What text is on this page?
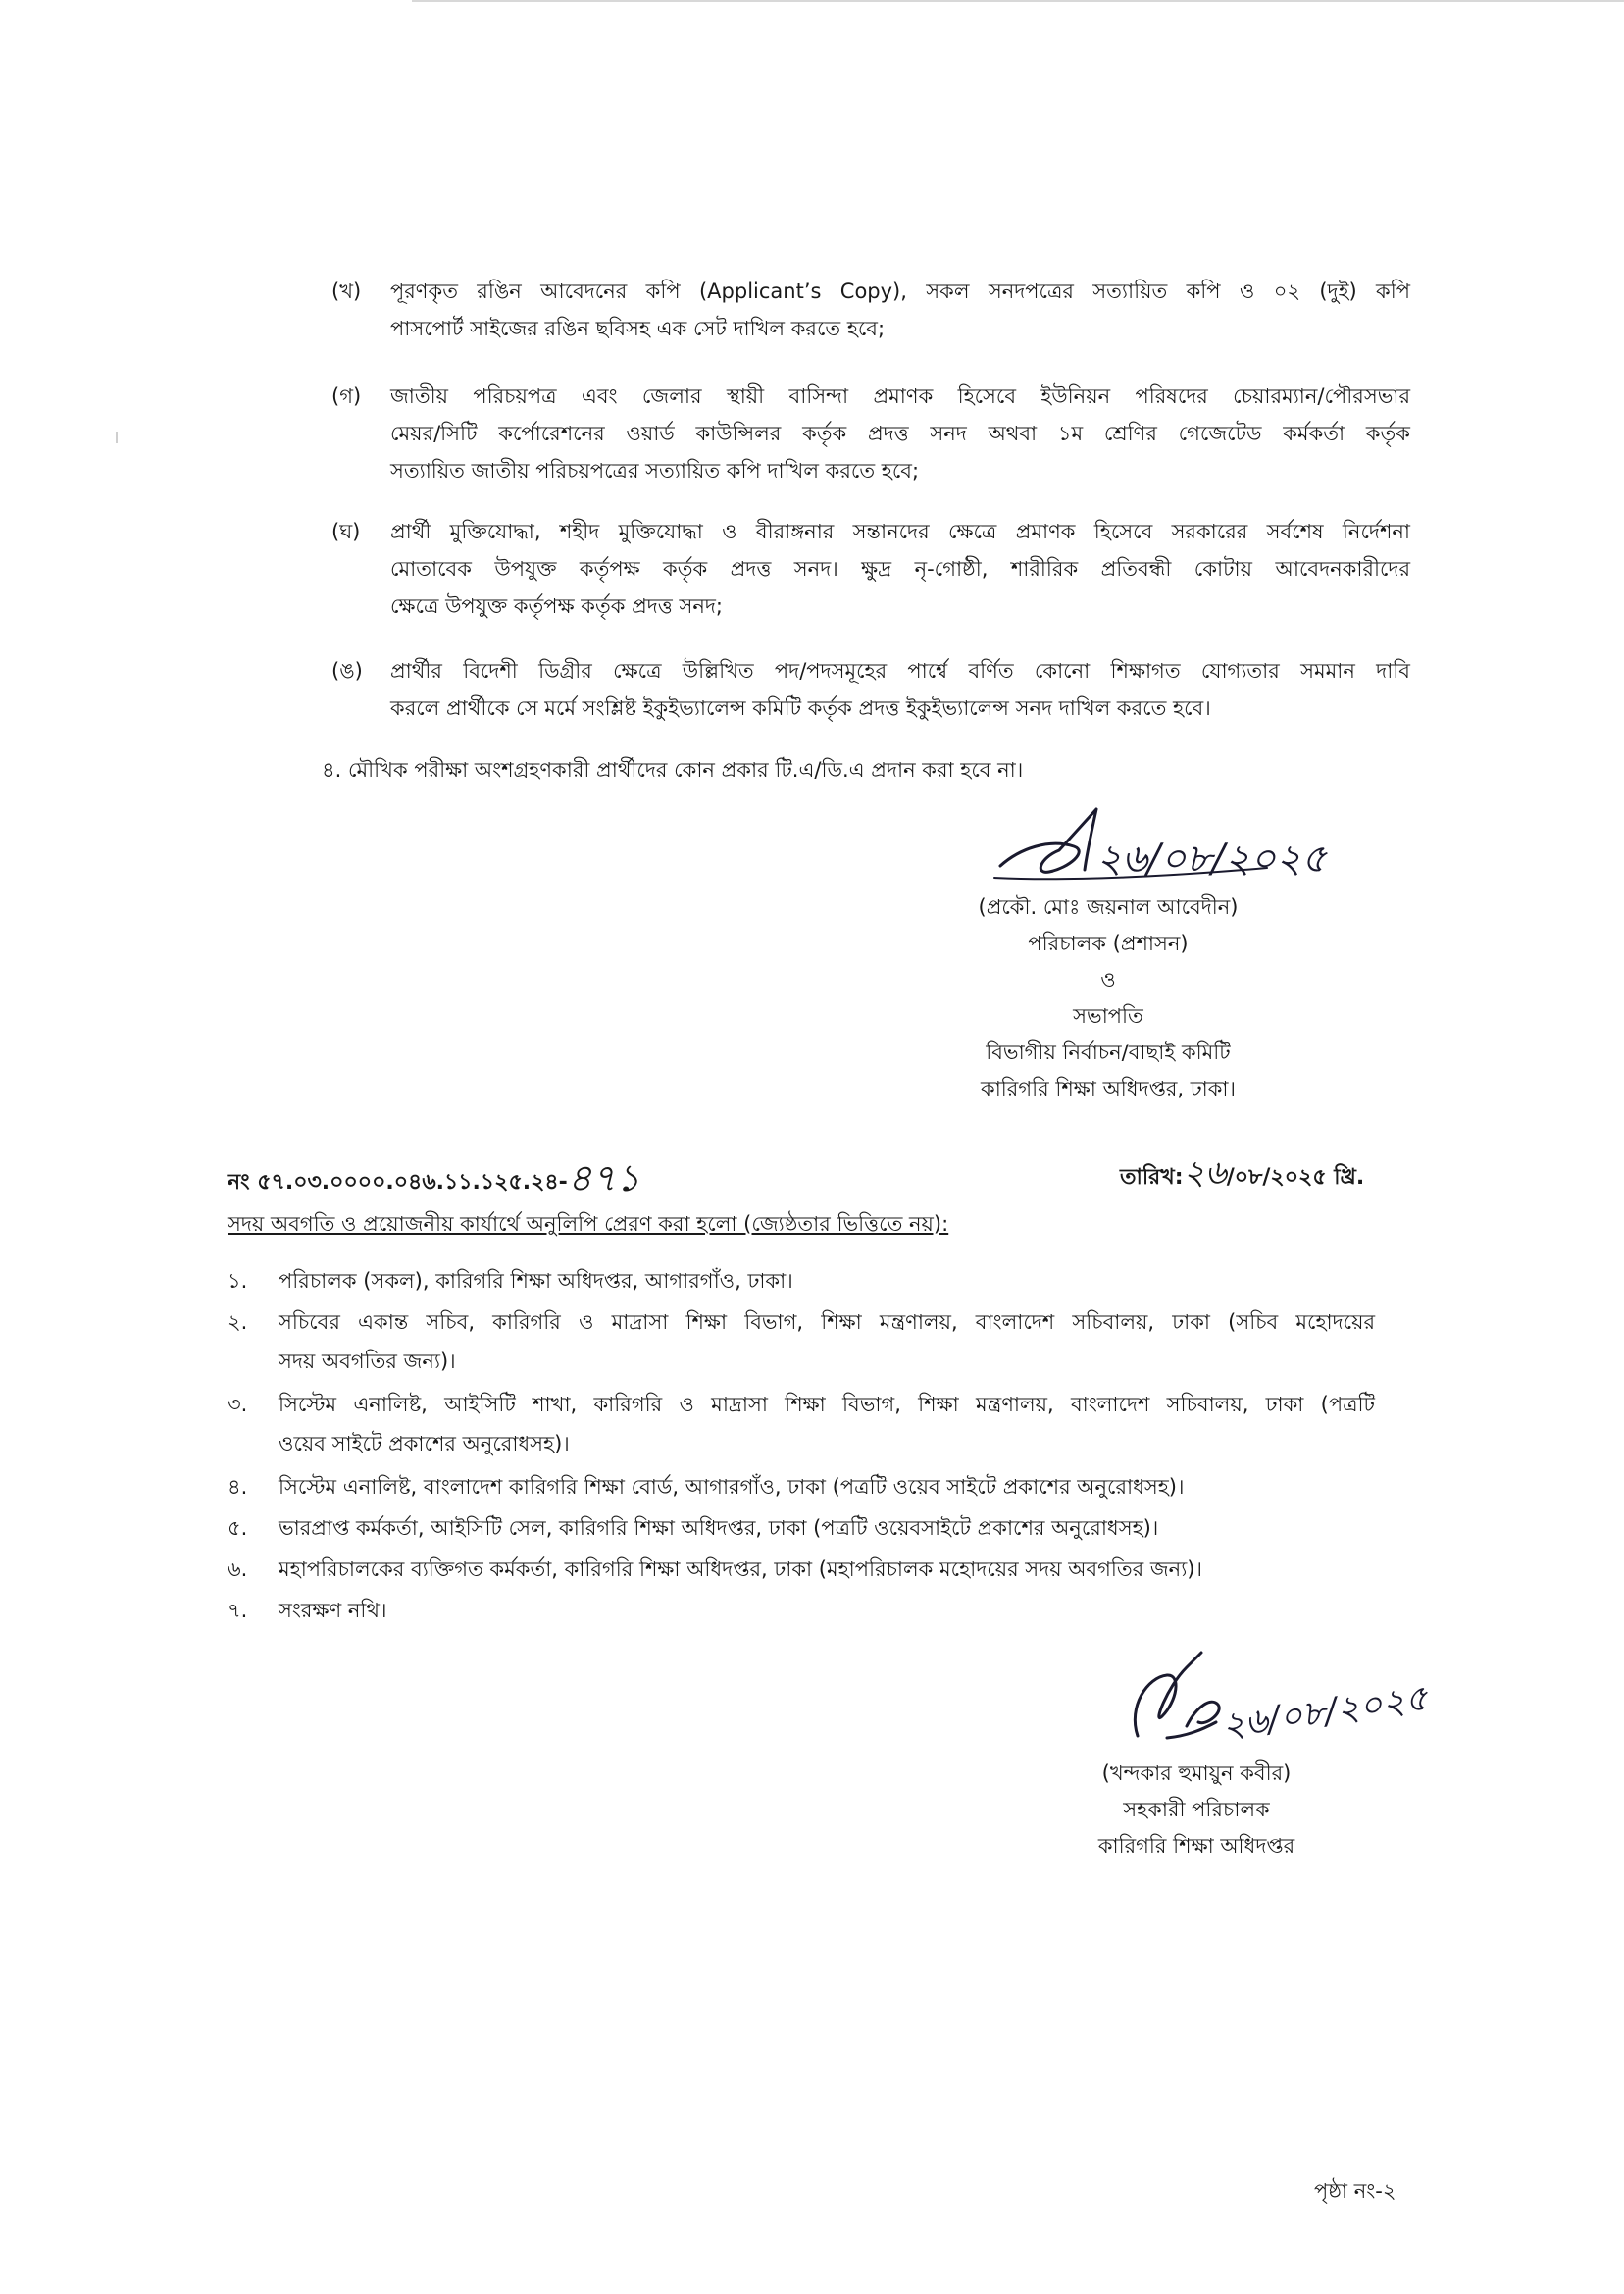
(খ)	পূরণকৃত রঙিন আবেদনের কপি (Applicant’s Copy), সকল সনদপত্রের সত্যায়িত কপি ও ০২ (দুই) কপি
পাসপোর্ট সাইজের রঙিন ছবিসহ এক সেট দাখিল করতে হবে;
(গ)	জাতীয় পরিচয়পত্র এবং জেলার স্থায়ী বাসিন্দা প্রমাণক হিসেবে ইউনিয়ন পরিষদের চেয়ারম্যান/পৌরসভার
মেয়র/সিটি কর্পোরেশনের ওয়ার্ড কাউন্সিলর কর্তৃক প্রদত্ত সনদ অথবা ১ম শ্রেণির গেজেটেড কর্মকর্তা কর্তৃক
সত্যায়িত জাতীয় পরিচয়পত্রের সত্যায়িত কপি দাখিল করতে হবে;
(ঘ)	প্রার্থী মুক্তিযোদ্ধা, শহীদ মুক্তিযোদ্ধা ও বীরাঙ্গনার সন্তানদের ক্ষেত্রে প্রমাণক হিসেবে সরকারের সর্বশেষ নির্দেশনা
মোতাবেক উপযুক্ত কর্তৃপক্ষ কর্তৃক প্রদত্ত সনদ। ক্ষুদ্র নৃ-গোষ্ঠী, শারীরিক প্রতিবন্ধী কোটায় আবেদনকারীদের
ক্ষেত্রে উপযুক্ত কর্তৃপক্ষ কর্তৃক প্রদত্ত সনদ;
(ঙ)	প্রার্থীর বিদেশী ডিগ্রীর ক্ষেত্রে উল্লিখিত পদ/পদসমূহের পার্শ্বে বর্ণিত কোনো শিক্ষাগত যোগ্যতার সমমান দাবি
করলে প্রার্থীকে সে মর্মে সংশ্লিষ্ট ইকুইভ্যালেন্স কমিটি কর্তৃক প্রদত্ত ইকুইভ্যালেন্স সনদ দাখিল করতে হবে।
৪. মৌখিক পরীক্ষা অংশগ্রহণকারী প্রার্থীদের কোন প্রকার টি.এ/ডি.এ প্রদান করা হবে না।
২৬/০৮/২০২৫
(প্রকৌ. মোঃ জয়নাল আবেদীন)
পরিচালক (প্রশাসন)
ও
সভাপতি
বিভাগীয় নির্বাচন/বাছাই কমিটি
কারিগরি শিক্ষা অধিদপ্তর, ঢাকা।
নং ৫৭.০৩.০০০০.০৪৬.১১.১২৫.২৪-৪৭১	তারিখ:২৬/০৮/২০২৫ খ্রি.
সদয় অবগতি ও প্রয়োজনীয় কার্যার্থে অনুলিপি প্রেরণ করা হলো (জ্যেষ্ঠতার ভিত্তিতে নয়):
১.	পরিচালক (সকল), কারিগরি শিক্ষা অধিদপ্তর, আগারগাঁও, ঢাকা।
২.	সচিবের একান্ত সচিব, কারিগরি ও মাদ্রাসা শিক্ষা বিভাগ, শিক্ষা মন্ত্রণালয়, বাংলাদেশ সচিবালয়, ঢাকা (সচিব মহোদয়ের
সদয় অবগতির জন্য)।
৩.	সিস্টেম এনালিষ্ট, আইসিটি শাখা, কারিগরি ও মাদ্রাসা শিক্ষা বিভাগ, শিক্ষা মন্ত্রণালয়, বাংলাদেশ সচিবালয়, ঢাকা (পত্রটি
ওয়েব সাইটে প্রকাশের অনুরোধসহ)।
৪.	সিস্টেম এনালিষ্ট, বাংলাদেশ কারিগরি শিক্ষা বোর্ড, আগারগাঁও, ঢাকা (পত্রটি ওয়েব সাইটে প্রকাশের অনুরোধসহ)।
৫.	ভারপ্রাপ্ত কর্মকর্তা, আইসিটি সেল, কারিগরি শিক্ষা অধিদপ্তর, ঢাকা (পত্রটি ওয়েবসাইটে প্রকাশের অনুরোধসহ)।
৬.	মহাপরিচালকের ব্যক্তিগত কর্মকর্তা, কারিগরি শিক্ষা অধিদপ্তর, ঢাকা (মহাপরিচালক মহোদয়ের সদয় অবগতির জন্য)।
৭.	সংরক্ষণ নথি।
২৬/০৮/২০২৫
(খন্দকার হুমায়ুন কবীর)
সহকারী পরিচালক
কারিগরি শিক্ষা অধিদপ্তর
পৃষ্ঠা নং-২
